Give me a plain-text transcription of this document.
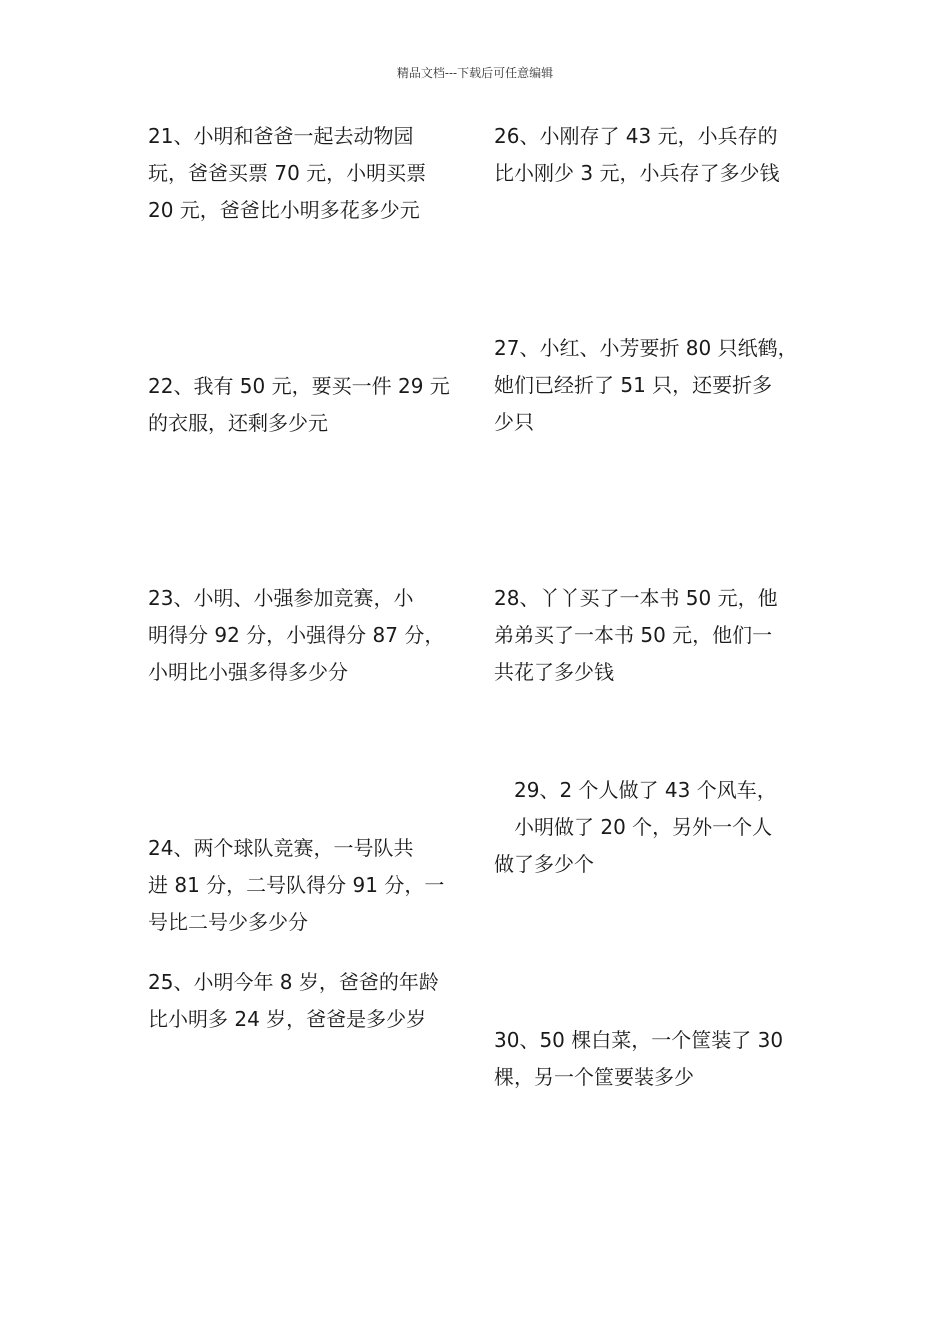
精品文档---下载后可任意编辑
21、小明和爸爸一起去动物园
玩，爸爸买票 70 元，小明买票
20 元，爸爸比小明多花多少元
22、我有 50 元，要买一件 29 元
的衣服，还剩多少元
23、小明、小强参加竞赛，小
明得分 92 分，小强得分 87 分，
小明比小强多得多少分
24、两个球队竞赛，一号队共
进 81 分，二号队得分 91 分，一
号比二号少多少分
25、小明今年 8 岁，爸爸的年龄
比小明多 24 岁，爸爸是多少岁
26、小刚存了 43 元，小兵存的
比小刚少 3 元，小兵存了多少钱
27、小红、小芳要折 80 只纸鹤，
她们已经折了 51 只，还要折多
少只
28、丫丫买了一本书 50 元，他
弟弟买了一本书 50 元，他们一
共花了多少钱
　29、2 个人做了 43 个风车，
　小明做了 20 个，另外一个人
做了多少个
30、50 棵白菜，一个筐装了 30
棵，另一个筐要装多少
